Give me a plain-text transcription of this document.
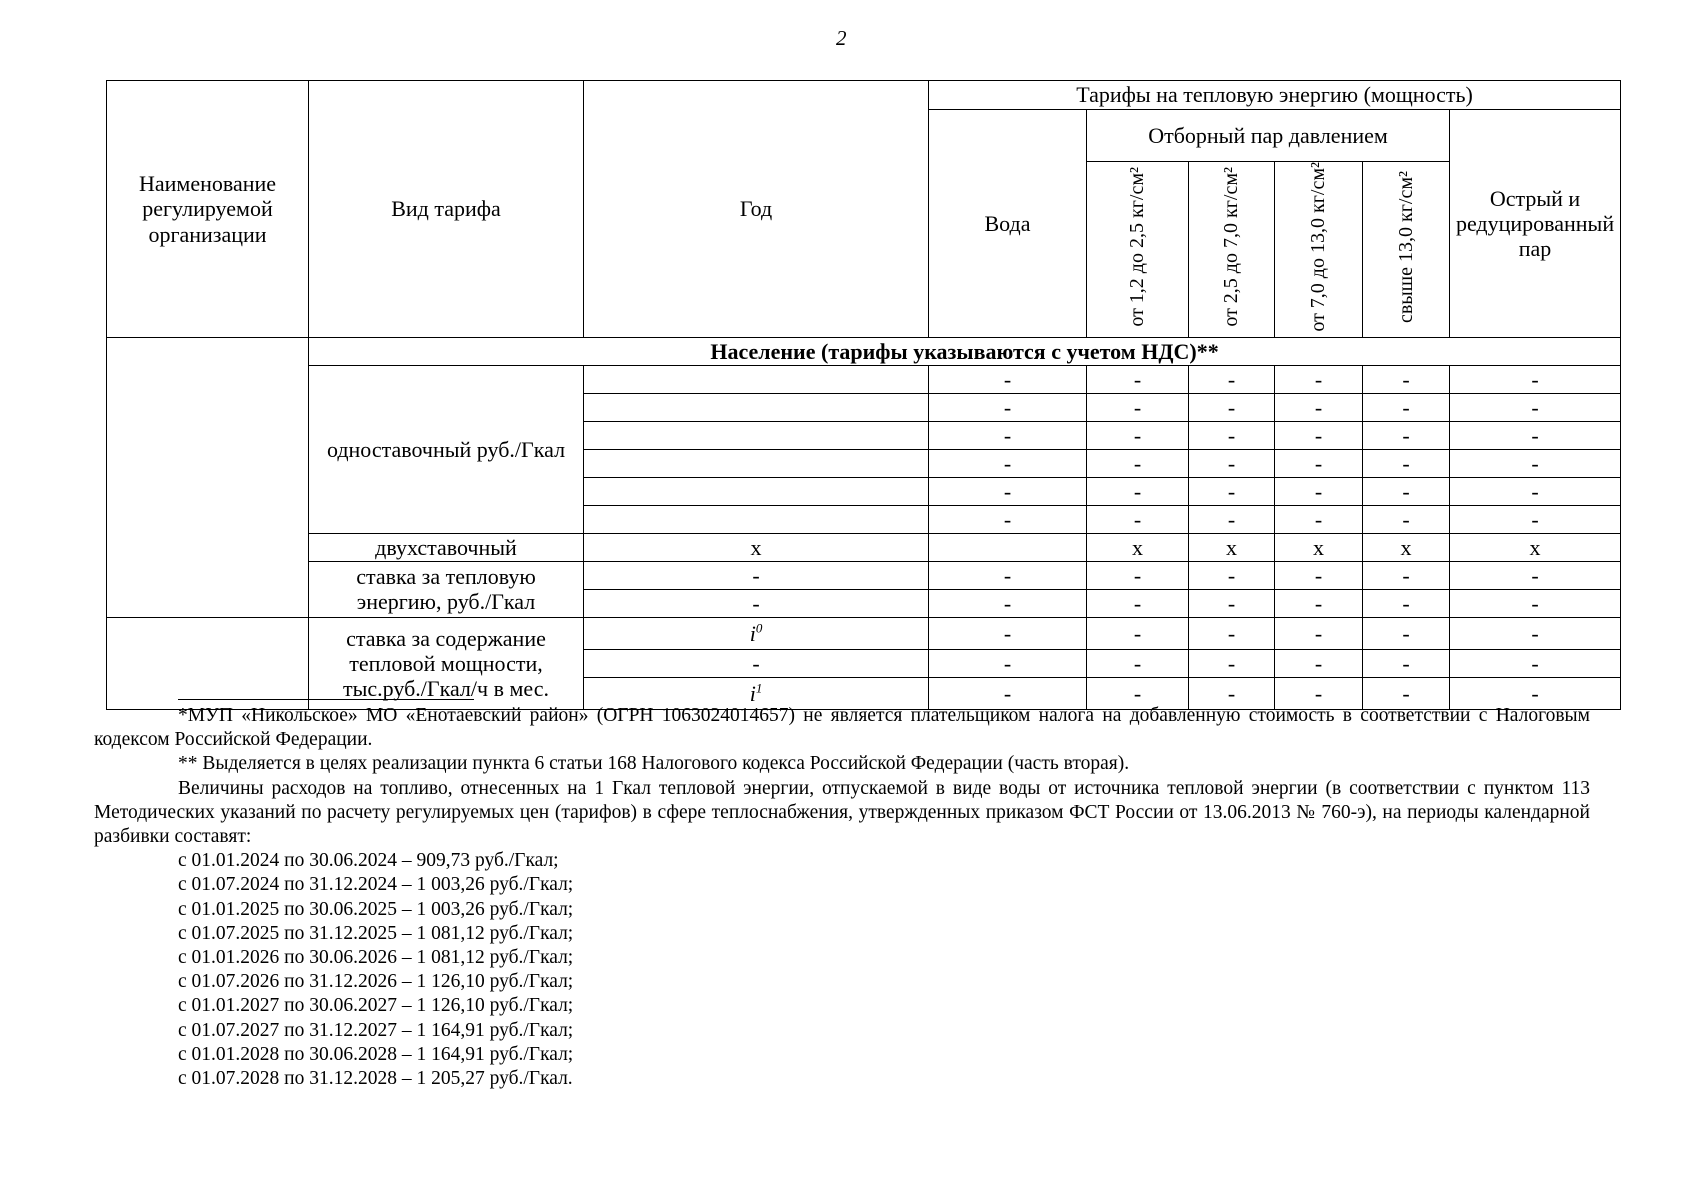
2
Наименование регулируемой организации	Вид тарифа	Год	Тарифы на тепловую энергию (мощность)					
			Вода	Отборный пар давлением				Острый и редуцированный пар
				от 1,2 до 2,5 кг/см²	от 2,5 до 7,0 кг/см²	от 7,0 до 13,0 кг/см²	свыше 13,0 кг/см²	
	Население (тарифы указываются с учетом НДС)**							
	одноставочный руб./Гкал		-	-	-	-	-	-
			-	-	-	-	-	-
			-	-	-	-	-	-
			-	-	-	-	-	-
			-	-	-	-	-	-
			-	-	-	-	-	-
	двухставочный	х		х	х	х	х	х
	ставка за тепловую энергию, руб./Гкал	-	-	-	-	-	-	-
		-	-	-	-	-	-	-
	ставка за содержание тепловой мощности, тыс.руб./Гкал/ч в мес.	$i^0$	-	-	-	-	-	-
		-	-	-	-	-	-	-
		$i^1$	-	-	-	-	-	-

*МУП «Никольское» МО «Енотаевский район» (ОГРН 1063024014657) не является плательщиком налога на добавленную стоимость в соответствии с Налоговым кодексом Российской Федерации.

** Выделяется в целях реализации пункта 6 статьи 168 Налогового кодекса Российской Федерации (часть вторая).

Величины расходов на топливо, отнесенных на 1 Гкал тепловой энергии, отпускаемой в виде воды от источника тепловой энергии (в соответствии с пунктом 113 Методических указаний по расчету регулируемых цен (тарифов) в сфере теплоснабжения, утвержденных приказом ФСТ России от 13.06.2013 № 760-э), на периоды календарной разбивки составят:

с 01.01.2024 по 30.06.2024 – 909,73 руб./Гкал;
с 01.07.2024 по 31.12.2024 – 1 003,26 руб./Гкал;
с 01.01.2025 по 30.06.2025 – 1 003,26 руб./Гкал;
с 01.07.2025 по 31.12.2025 – 1 081,12 руб./Гкал;
с 01.01.2026 по 30.06.2026 – 1 081,12 руб./Гкал;
с 01.07.2026 по 31.12.2026 – 1 126,10 руб./Гкал;
с 01.01.2027 по 30.06.2027 – 1 126,10 руб./Гкал;
с 01.07.2027 по 31.12.2027 – 1 164,91 руб./Гкал;
с 01.01.2028 по 30.06.2028 – 1 164,91 руб./Гкал;
с 01.07.2028 по 31.12.2028 – 1 205,27 руб./Гкал.
